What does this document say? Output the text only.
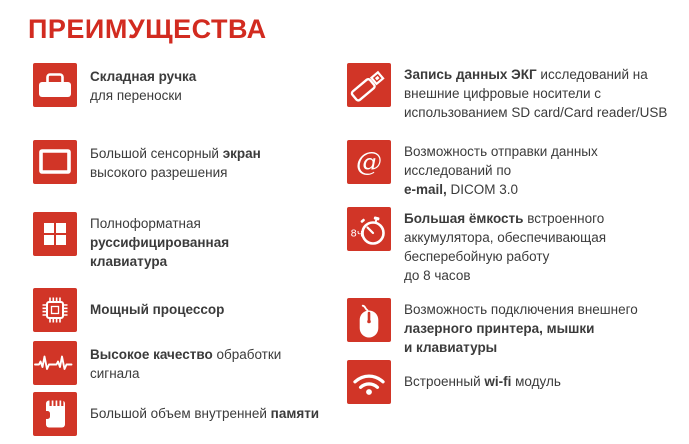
ПРЕИМУЩЕСТВА
Складная ручка
для переноски
Большой сенсорный экран
высокого разрешения
Полноформатная
руссифицированная
клавиатура
Мощный процессор
Высокое качество обработки
сигнала
Большой объем внутренней памяти
Запись данных ЭКГ исследований на
внешние цифровые носители с
использованием SD card/Card reader/USB
@ Возможность отправки данных
исследований по
e-mail, DICOM 3.0
8ч
Большая ёмкость встроенного
аккумулятора, обеспечивающая
бесперебойную работу
до 8 часов
Возможность подключения внешнего
лазерного принтера, мышки
и клавиатуры
Встроенный wi-fi модуль
